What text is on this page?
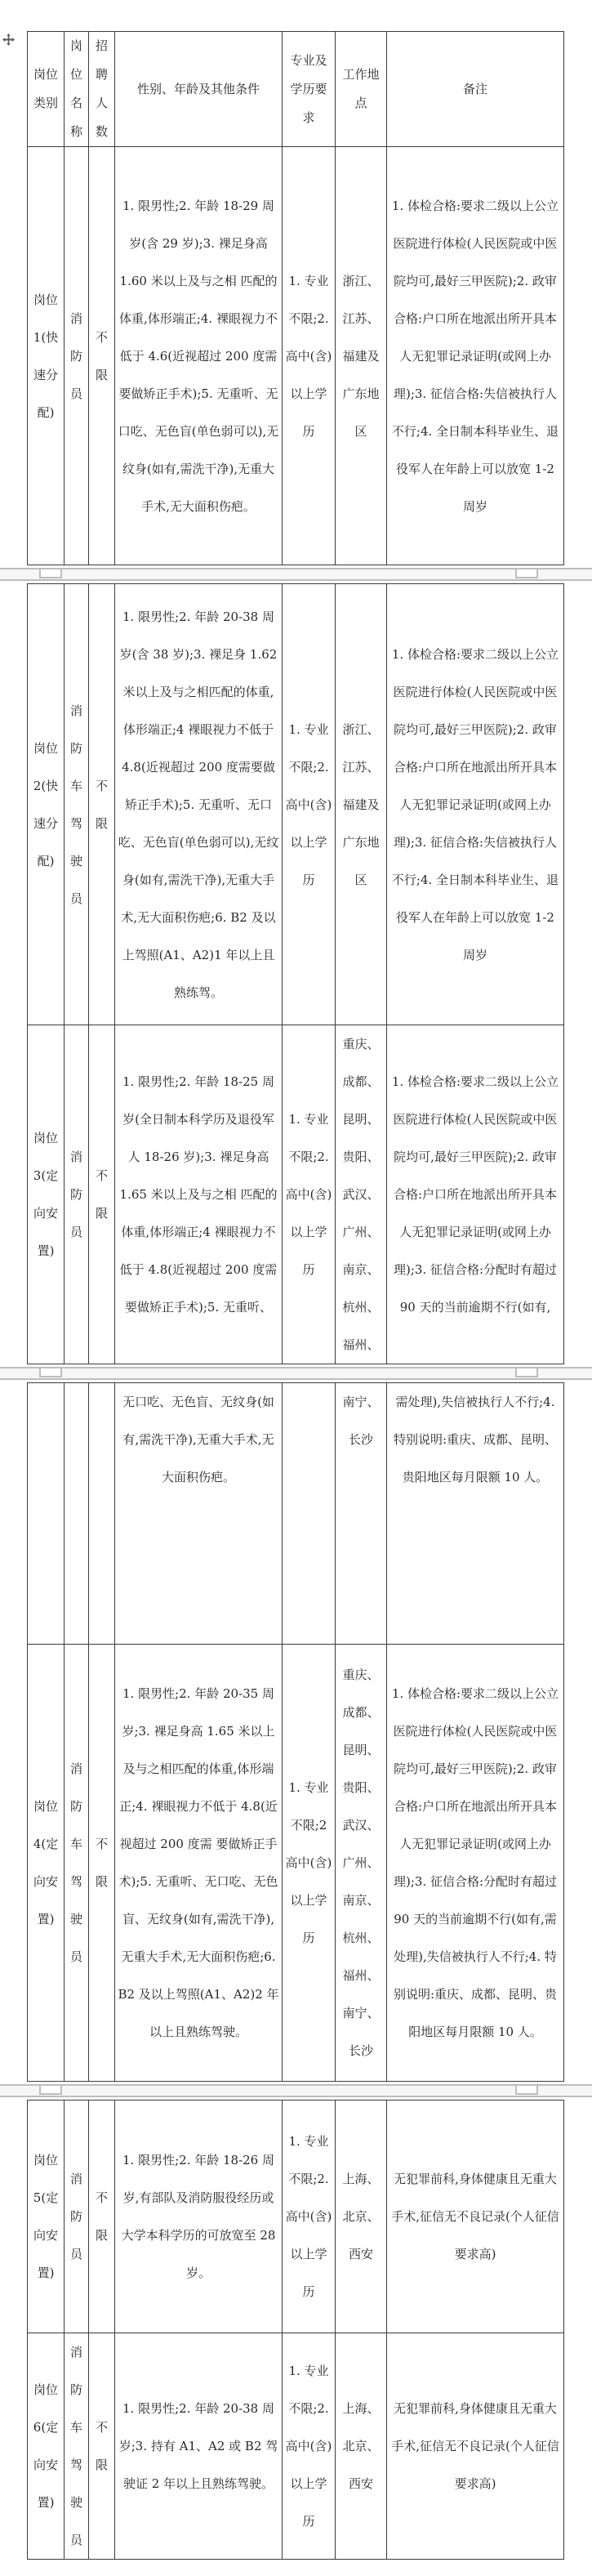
岗位类别	岗位名称	招聘人数	性别、年龄及其他条件	专业及学历要求	工作地点	备注
岗位1(快速分配)	消防员	不限	1. 限男性;2. 年龄 18-29 周岁(含 29 岁);3. 裸足身高 1.60 米以上及与之相 匹配的体重,体形端正;4. 裸眼视力不低于 4.6(近视超过 200 度需要做矫正手术);5. 无重听、无口吃、无色盲(单色弱可以),无纹身(如有,需洗干净),无重大手术,无大面积伤疤。	1. 专业不限;2. 高中(含)以上学历	浙江、江苏、福建及广东地区	1. 体检合格:要求二级以上公立医院进行体检(人民医院或中医院均可,最好三甲医院);2. 政审合格:户口所在地派出所开具本人无犯罪记录证明(或网上办理);3. 征信合格:失信被执行人不行;4. 全日制本科毕业生、退役军人在年龄上可以放宽 1-2 周岁
岗位2(快速分配)	消防车驾驶员	不限	1. 限男性;2. 年龄 20-38 周岁(含 38 岁);3. 裸足身 1.62 米以上及与之相匹配的体重,体形端正;4 裸眼视力不低于 4.8(近视超过 200 度需要做矫正手术);5. 无重听、无口吃、无色盲(单色弱可以),无纹身(如有,需洗干净),无重大手术,无大面积伤疤;6. B2 及以上驾照(A1、A2)1 年以上且熟练驾。	1. 专业不限;2. 高中(含)以上学历	浙江、江苏、福建及广东地区	1. 体检合格:要求二级以上公立医院进行体检(人民医院或中医院均可,最好三甲医院);2. 政审合格:户口所在地派出所开具本人无犯罪记录证明(或网上办理);3. 征信合格:失信被执行人不行;4. 全日制本科毕业生、退役军人在年龄上可以放宽 1-2 周岁
岗位3(定向安置)	消防员	不限	1. 限男性;2. 年龄 18-25 周岁(全日制本科学历及退役军人 18-26 岁);3. 裸足身高 1.65 米以上及与之相 匹配的体重,体形端正;4 裸眼视力不低于 4.8(近视超过 200 度需要做矫正手术);5. 无重听、	1. 专业不限;2. 高中(含)以上学历	重庆、成都、昆明、贵阳、武汉、广州、南京、杭州、福州、	1. 体检合格:要求二级以上公立医院进行体检(人民医院或中医院均可,最好三甲医院);2. 政审合格:户口所在地派出所开具本人无犯罪记录证明(或网上办理);3. 征信合格:分配时有超过 90 天的当前逾期不行(如有,
			无口吃、无色盲、无纹身(如有,需洗干净),无重大手术,无大面积伤疤。		南宁、长沙	需处理),失信被执行人不行;4. 特别说明:重庆、成都、昆明、贵阳地区每月限额 10 人。
岗位4(定向安置)	消防车驾驶员	不限	1. 限男性;2. 年龄 20-35 周岁;3. 裸足身高 1.65 米以上及与之相匹配的体重,体形端正;4. 裸眼视力不低于 4.8(近视超过 200 度需 要做矫正手术);5. 无重听、无口吃、无色盲、无纹身(如有,需洗干净),无重大手术,无大面积伤疤;6. B2 及以上驾照(A1、A2)2 年以上且熟练驾驶。	1. 专业不限;2 高中(含)以上学历	重庆、成都、昆明、贵阳、武汉、广州、南京、杭州、福州、南宁、长沙	1. 体检合格:要求二级以上公立医院进行体检(人民医院或中医院均可,最好三甲医院);2. 政审合格:户口所在地派出所开具本人无犯罪记录证明(或网上办理);3. 征信合格:分配时有超过 90 天的当前逾期不行(如有,需处理),失信被执行人不行;4. 特别说明:重庆、成都、昆明、贵阳地区每月限额 10 人。
岗位5(定向安置)	消防员	不限	1. 限男性;2. 年龄 18-26 周岁,有部队及消防服役经历或大学本科学历的可放宽至 28 岁。	1. 专业不限;2. 高中(含)以上学历	上海、北京、西安	无犯罪前科,身体健康且无重大手术,征信无不良记录(个人征信要求高)
岗位6(定向安置)	消防车驾驶员	不限	1. 限男性;2. 年龄 20-38 周岁;3. 持有 A1、A2 或 B2 驾驶证 2 年以上且熟练驾驶。	1. 专业不限;2. 高中(含)以上学历	上海、北京、西安	无犯罪前科,身体健康且无重大手术,征信无不良记录(个人征信要求高)
